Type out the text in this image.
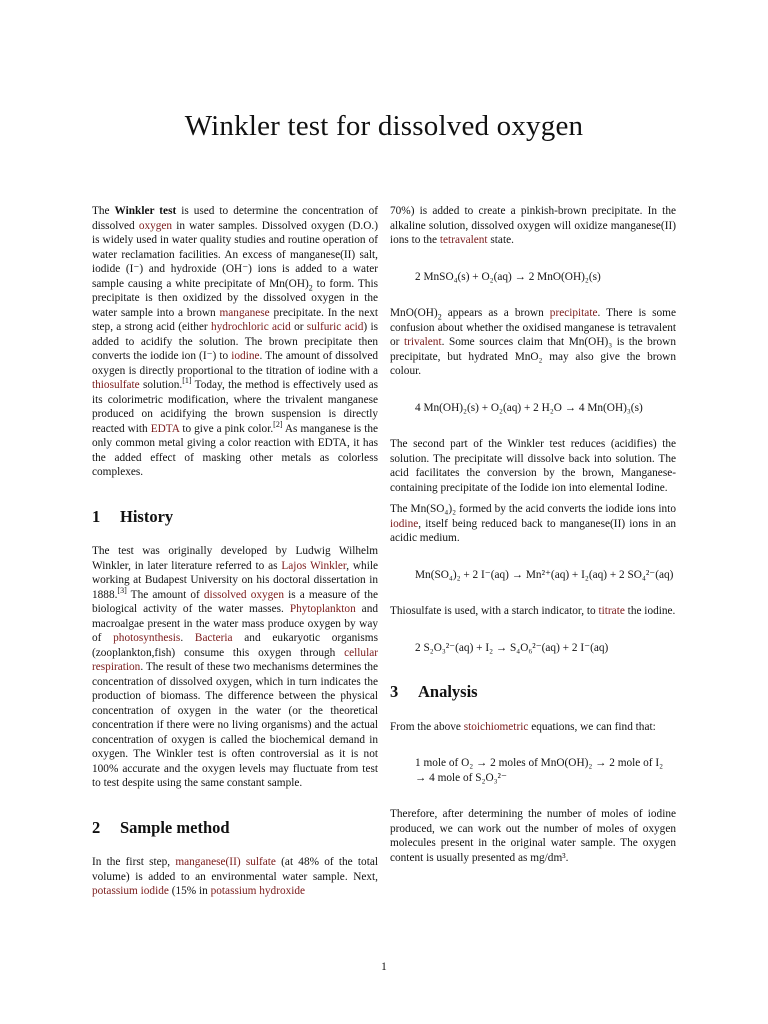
Winkler test for dissolved oxygen

The Winkler test is used to determine the concentration of dissolved oxygen in water samples. Dissolved oxygen (D.O.) is widely used in water quality studies and routine operation of water reclamation facilities. An excess of manganese(II) salt, iodide (I⁻) and hydroxide (OH⁻) ions is added to a water sample causing a white precipitate of $Mn(OH)_2$ to form. This precipitate is then oxidized by the dissolved oxygen in the water sample into a brown manganese precipitate. In the next step, a strong acid (either hydrochloric acid or sulfuric acid) is added to acidify the solution. The brown precipitate then converts the iodide ion (I⁻) to iodine. The amount of dissolved oxygen is directly proportional to the titration of iodine with a thiosulfate solution.[1] Today, the method is effectively used as its colorimetric modification, where the trivalent manganese produced on acidifying the brown suspension is directly reacted with EDTA to give a pink color.[2] As manganese is the only common metal giving a color reaction with EDTA, it has the added effect of masking other metals as colorless complexes.

1 History

The test was originally developed by Ludwig Wilhelm Winkler, in later literature referred to as Lajos Winkler, while working at Budapest University on his doctoral dissertation in 1888.[3] The amount of dissolved oxygen is a measure of the biological activity of the water masses. Phytoplankton and macroalgae present in the water mass produce oxygen by way of photosynthesis. Bacteria and eukaryotic organisms (zooplankton,fish) consume this oxygen through cellular respiration. The result of these two mechanisms determines the concentration of dissolved oxygen, which in turn indicates the production of biomass. The difference between the physical concentration of oxygen in the water (or the theoretical concentration if there were no living organisms) and the actual concentration of oxygen is called the biochemical demand in oxygen. The Winkler test is often controversial as it is not 100% accurate and the oxygen levels may fluctuate from test to test despite using the same constant sample.

2 Sample method

In the first step, manganese(II) sulfate (at 48% of the total volume) is added to an environmental water sample. Next, potassium iodide (15% in potassium hydroxide

70%) is added to create a pinkish-brown precipitate. In the alkaline solution, dissolved oxygen will oxidize manganese(II) ions to the tetravalent state.

2 MnSO₄(s) + O₂(aq) → 2 MnO(OH)₂(s)

$MnO(OH)_2$ appears as a brown precipitate. There is some confusion about whether the oxidised manganese is tetravalent or trivalent. Some sources claim that Mn(OH)₃ is the brown precipitate, but hydrated MnO₂ may also give the brown colour.

4 Mn(OH)₂(s) + O₂(aq) + 2 H₂O → 4 Mn(OH)₃(s)

The second part of the Winkler test reduces (acidifies) the solution. The precipitate will dissolve back into solution. The acid facilitates the conversion by the brown, Manganese-containing precipitate of the Iodide ion into elemental Iodine.

The Mn(SO₄)₂ formed by the acid converts the iodide ions into iodine, itself being reduced back to manganese(II) ions in an acidic medium.

Mn(SO₄)₂ + 2 I⁻(aq) → Mn²⁺(aq) + I₂(aq) + 2 SO₄²⁻(aq)

Thiosulfate is used, with a starch indicator, to titrate the iodine.

2 S₂O₃²⁻(aq) + I₂ → S₄O₆²⁻(aq) + 2 I⁻(aq)
3 Analysis

From the above stoichiometric equations, we can find that:

1 mole of O₂ → 2 moles of MnO(OH)₂ → 2 mole of I₂ → 4 mole of S₂O₃²⁻

Therefore, after determining the number of moles of iodine produced, we can work out the number of moles of oxygen molecules present in the original water sample. The oxygen content is usually presented as mg/dm³.

1
